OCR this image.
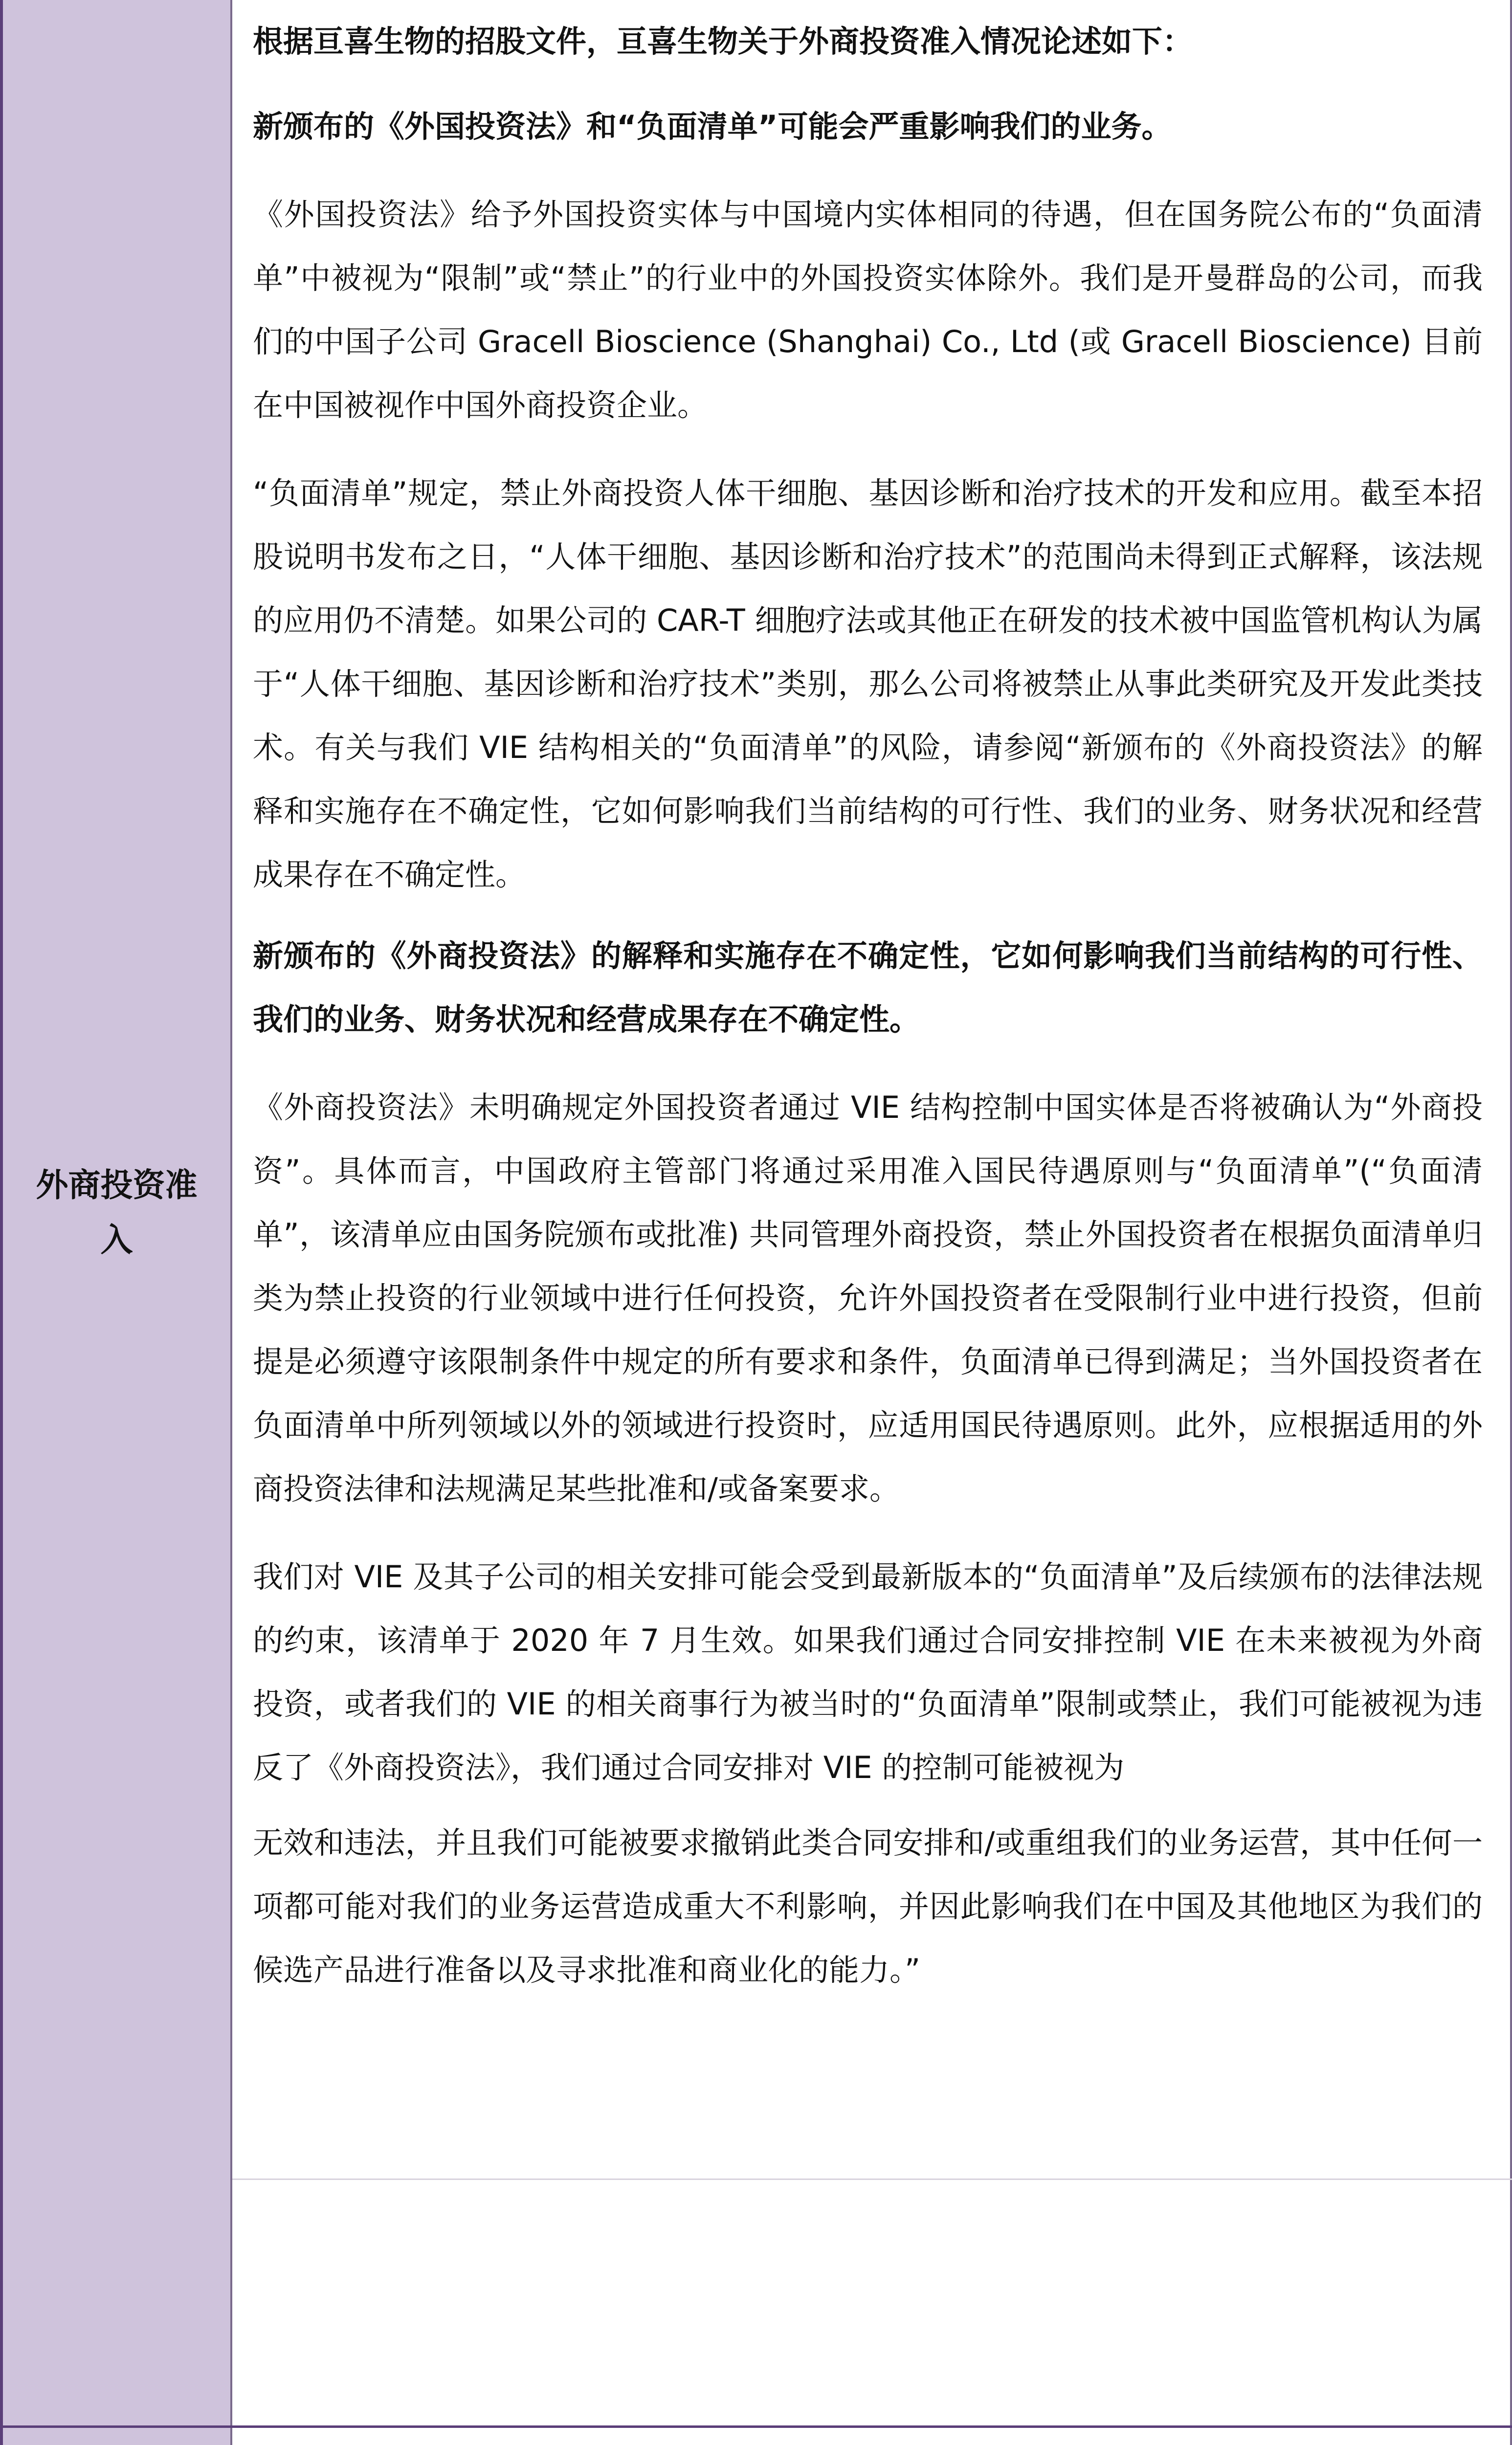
外商投资准入

根据亘喜生物的招股文件，亘喜生物关于外商投资准入情况论述如下：

新颁布的《外国投资法》和“负面清单”可能会严重影响我们的业务。

《外国投资法》给予外国投资实体与中国境内实体相同的待遇，但在国务院公布的“负面清单”中被视为“限制”或“禁止”的行业中的外国投资实体除外。我们是开曼群岛的公司，而我们的中国子公司 Gracell Bioscience (Shanghai) Co., Ltd (或 Gracell Bioscience) 目前在中国被视作中国外商投资企业。

“负面清单”规定，禁止外商投资人体干细胞、基因诊断和治疗技术的开发和应用。截至本招股说明书发布之日，“人体干细胞、基因诊断和治疗技术”的范围尚未得到正式解释，该法规的应用仍不清楚。如果公司的 CAR-T 细胞疗法或其他正在研发的技术被中国监管机构认为属于“人体干细胞、基因诊断和治疗技术”类别，那么公司将被禁止从事此类研究及开发此类技术。有关与我们 VIE 结构相关的“负面清单”的风险，请参阅“新颁布的《外商投资法》的解释和实施存在不确定性，它如何影响我们当前结构的可行性、我们的业务、财务状况和经营成果存在不确定性。

新颁布的《外商投资法》的解释和实施存在不确定性，它如何影响我们当前结构的可行性、我们的业务、财务状况和经营成果存在不确定性。

《外商投资法》未明确规定外国投资者通过 VIE 结构控制中国实体是否将被确认为“外商投资”。具体而言，中国政府主管部门将通过采用准入国民待遇原则与“负面清单”(“负面清单”，该清单应由国务院颁布或批准) 共同管理外商投资，禁止外国投资者在根据负面清单归类为禁止投资的行业领域中进行任何投资，允许外国投资者在受限制行业中进行投资，但前提是必须遵守该限制条件中规定的所有要求和条件，负面清单已得到满足；当外国投资者在负面清单中所列领域以外的领域进行投资时，应适用国民待遇原则。此外，应根据适用的外商投资法律和法规满足某些批准和/或备案要求。

我们对 VIE 及其子公司的相关安排可能会受到最新版本的“负面清单”及后续颁布的法律法规的约束，该清单于 2020 年 7 月生效。如果我们通过合同安排控制 VIE 在未来被视为外商投资，或者我们的 VIE 的相关商事行为被当时的“负面清单”限制或禁止，我们可能被视为违反了《外商投资法》，我们通过合同安排对 VIE 的控制可能被视为

无效和违法，并且我们可能被要求撤销此类合同安排和/或重组我们的业务运营，其中任何一项都可能对我们的业务运营造成重大不利影响，并因此影响我们在中国及其他地区为我们的候选产品进行准备以及寻求批准和商业化的能力。”
